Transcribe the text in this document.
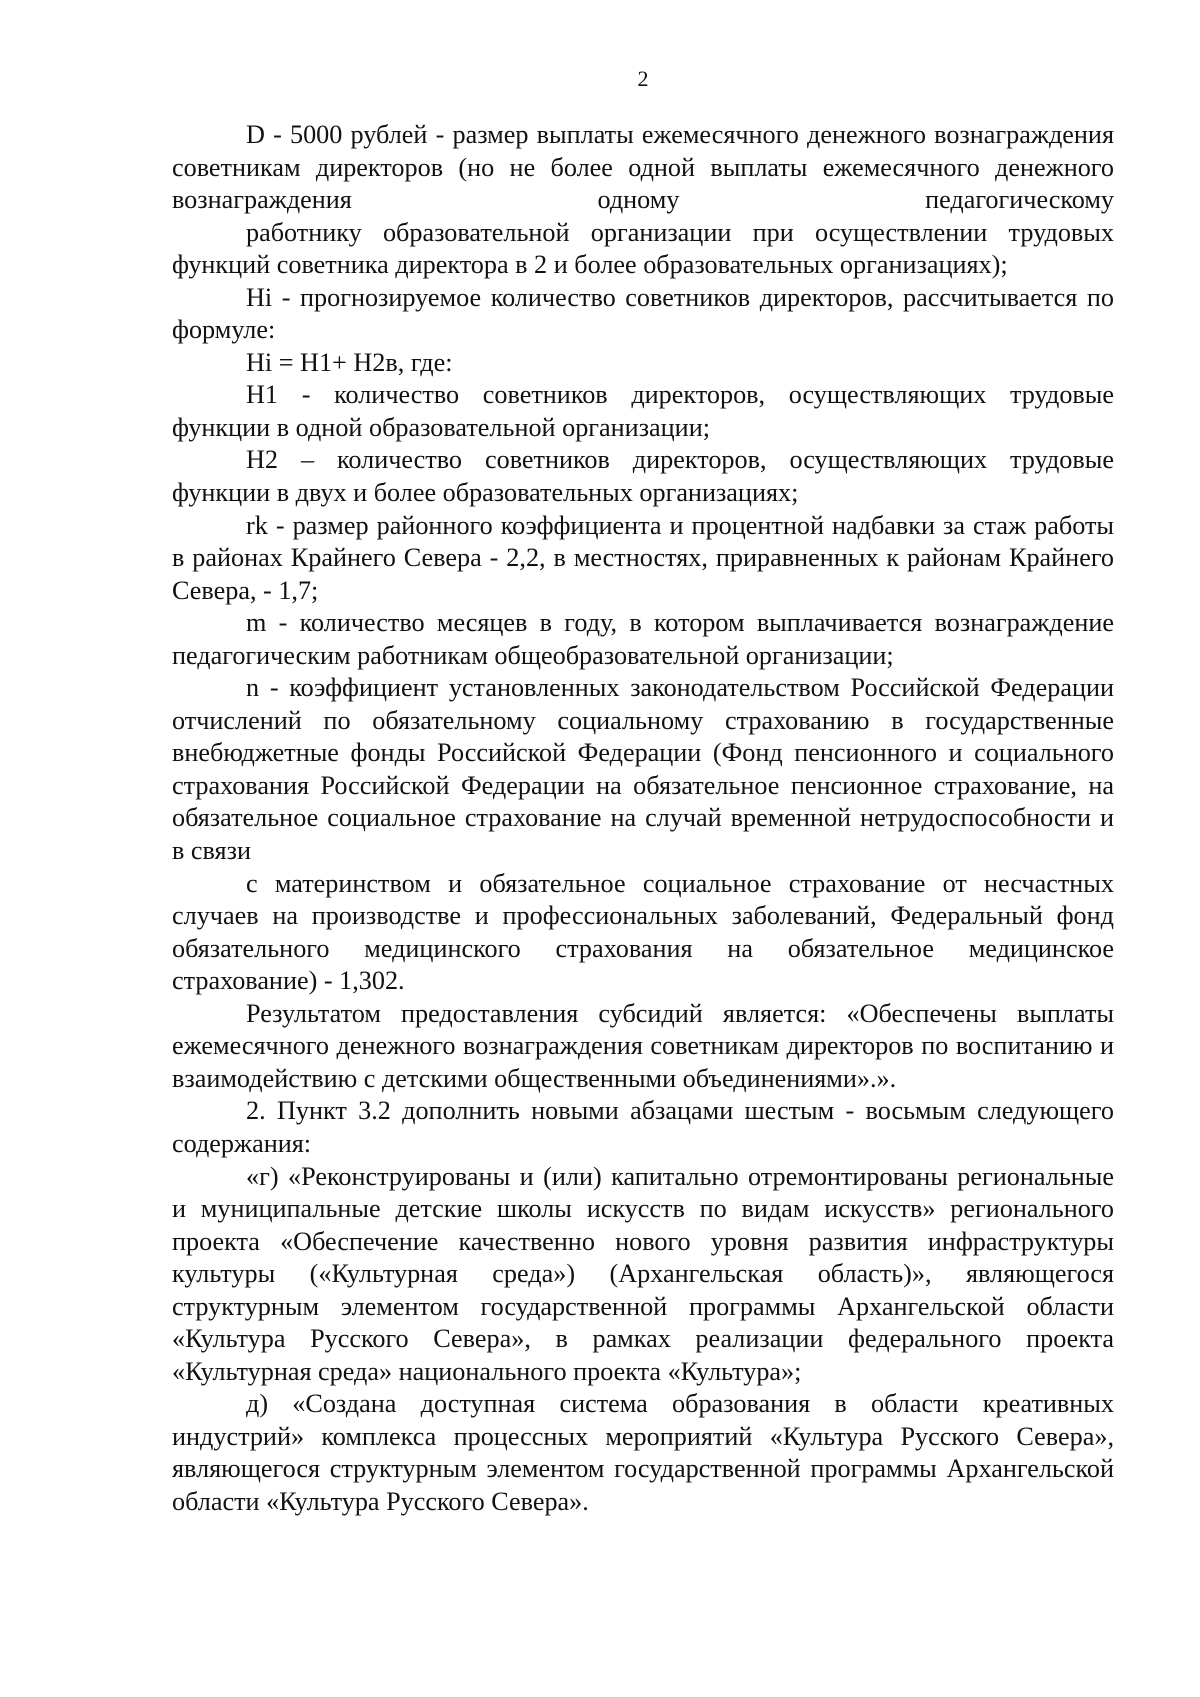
2

D - 5000 рублей - размер выплаты ежемесячного денежного вознаграждения советникам директоров (но не более одной выплаты ежемесячного денежного вознаграждения одному педагогическому

работнику образовательной организации при осуществлении трудовых функций советника директора в 2 и более образовательных организациях);

Hi - прогнозируемое количество советников директоров, рассчитывается по формуле:

Hi = H1+ H2в, где:

H1 - количество советников директоров, осуществляющих трудовые функции в одной образовательной организации;

H2 – количество советников директоров, осуществляющих трудовые функции в двух и более образовательных организациях;

rk - размер районного коэффициента и процентной надбавки за стаж работы в районах Крайнего Севера - 2,2, в местностях, приравненных к районам Крайнего Севера, - 1,7;

m - количество месяцев в году, в котором выплачивается вознаграждение педагогическим работникам общеобразовательной организации;

n - коэффициент установленных законодательством Российской Федерации отчислений по обязательному социальному страхованию в государственные внебюджетные фонды Российской Федерации (Фонд пенсионного и социального страхования Российской Федерации на обязательное пенсионное страхование, на обязательное социальное страхование на случай временной нетрудоспособности и в связи

с материнством и обязательное социальное страхование от несчастных случаев на производстве и профессиональных заболеваний, Федеральный фонд обязательного медицинского страхования на обязательное медицинское страхование) - 1,302.

Результатом предоставления субсидий является: «Обеспечены выплаты ежемесячного денежного вознаграждения советникам директоров по воспитанию и взаимодействию с детскими общественными объединениями».».

2. Пункт 3.2 дополнить новыми абзацами шестым - восьмым следующего содержания:

«г) «Реконструированы и (или) капитально отремонтированы региональные и муниципальные детские школы искусств по видам искусств» регионального проекта «Обеспечение качественно нового уровня развития инфраструктуры культуры («Культурная среда») (Архангельская область)», являющегося структурным элементом государственной программы Архангельской области «Культура Русского Севера», в рамках реализации федерального проекта «Культурная среда» национального проекта «Культура»;

д) «Создана доступная система образования в области креативных индустрий» комплекса процессных мероприятий «Культура Русского Севера», являющегося структурным элементом государственной программы Архангельской области «Культура Русского Севера».
